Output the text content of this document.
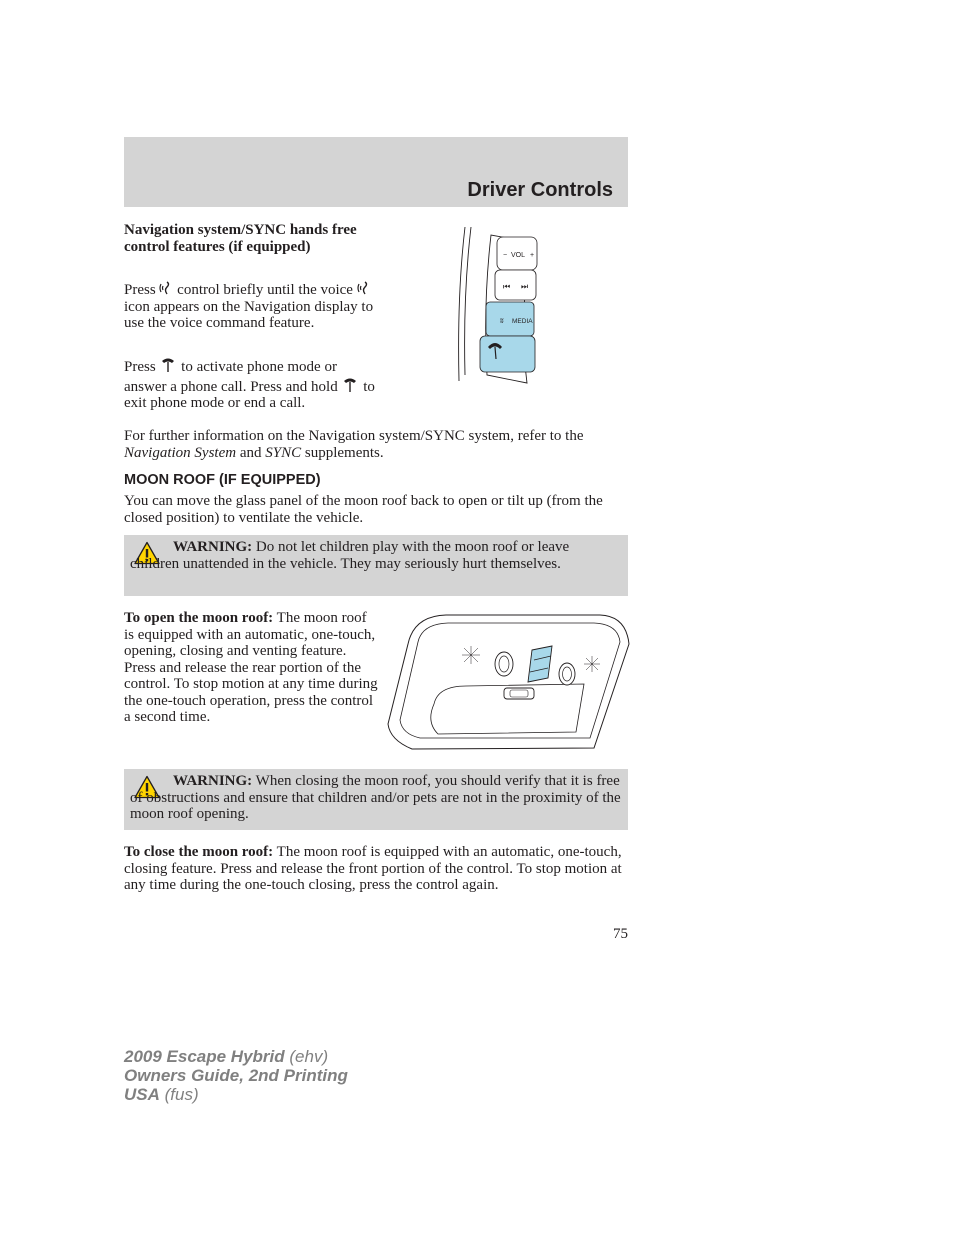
Driver Controls
Navigation system/SYNC hands free control features (if equipped)
Press control briefly until the voice  icon appears on the Navigation display to use the voice command feature.
Press to activate phone mode or answer a phone call. Press and hold to exit phone mode or end a call.
For further information on the Navigation system/SYNC system, refer to the Navigation System and SYNC supplements.
VOL
−	+
⏮ ⏭
ʬ MEDIA
MOON ROOF (IF EQUIPPED)
You can move the glass panel of the moon roof back to open or tilt up (from the closed position) to ventilate the vehicle.
WARNING: Do not let children play with the moon roof or leave children unattended in the vehicle. They may seriously hurt themselves.
To open the moon roof: The moon roof is equipped with an automatic, one-touch, opening, closing and venting feature. Press and release the rear portion of the control. To stop motion at any time during the one-touch operation, press the control a second time.
WARNING: When closing the moon roof, you should verify that it is free of obstructions and ensure that children and/or pets are not in the proximity of the moon roof opening.
To close the moon roof: The moon roof is equipped with an automatic, one-touch, closing feature. Press and release the front portion of the control. To stop motion at any time during the one-touch closing, press the control again.
75
2009 Escape Hybrid (ehv)
Owners Guide, 2nd Printing
USA (fus)
